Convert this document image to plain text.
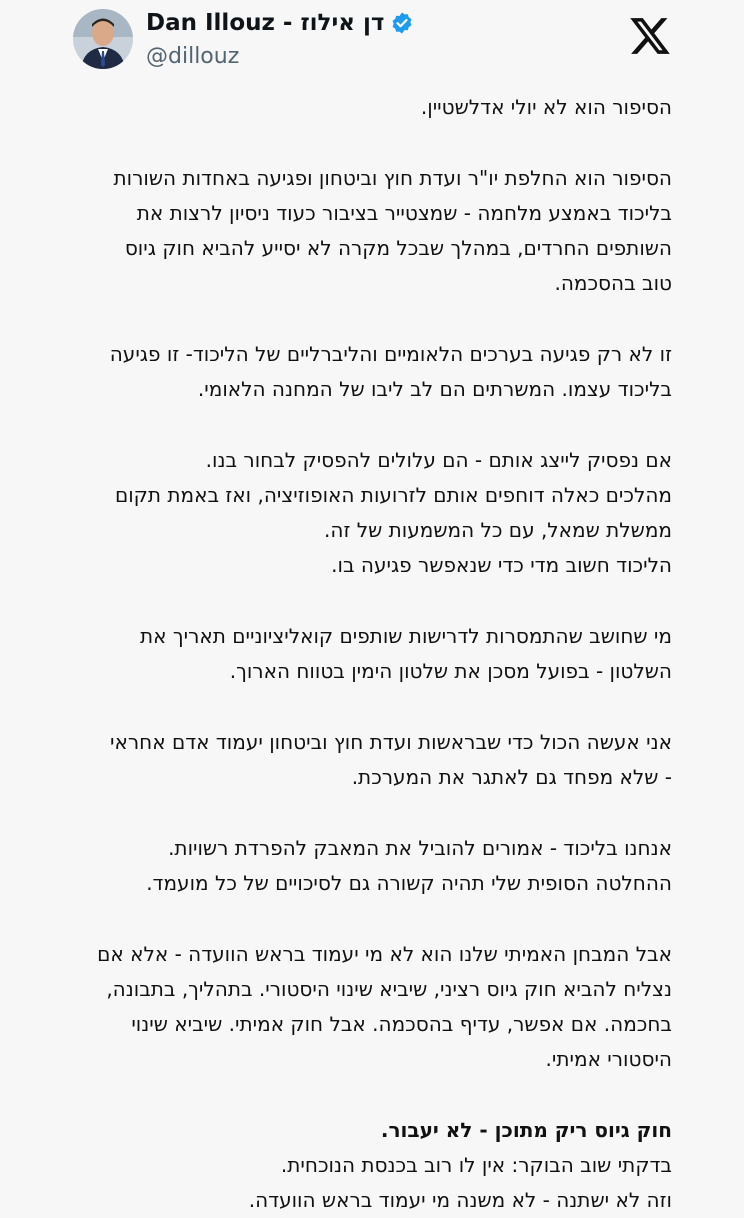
Dan Illouz - דן אילוז
@dillouz
הסיפור הוא לא יולי אדלשטיין.
הסיפור הוא החלפת יו"ר ועדת חוץ וביטחון ופגיעה באחדות השורות
בליכוד באמצע מלחמה - שמצטייר בציבור כעוד ניסיון לרצות את
השותפים החרדים, במהלך שבכל מקרה לא יסייע להביא חוק גיוס
טוב בהסכמה.
זו לא רק פגיעה בערכים הלאומיים והליברליים של הליכוד- זו פגיעה
בליכוד עצמו. המשרתים הם לב ליבו של המחנה הלאומי.
אם נפסיק לייצג אותם - הם עלולים להפסיק לבחור בנו.
מהלכים כאלה דוחפים אותם לזרועות האופוזיציה, ואז באמת תקום
ממשלת שמאל, עם כל המשמעות של זה.
הליכוד חשוב מדי כדי שנאפשר פגיעה בו.
מי שחושב שהתמסרות לדרישות שותפים קואליציוניים תאריך את
השלטון - בפועל מסכן את שלטון הימין בטווח הארוך.
אני אעשה הכול כדי שבראשות ועדת חוץ וביטחון יעמוד אדם אחראי
- שלא מפחד גם לאתגר את המערכת.
אנחנו בליכוד - אמורים להוביל את המאבק להפרדת רשויות.
ההחלטה הסופית שלי תהיה קשורה גם לסיכויים של כל מועמד.
אבל המבחן האמיתי שלנו הוא לא מי יעמוד בראש הוועדה - אלא אם
נצליח להביא חוק גיוס רציני, שיביא שינוי היסטורי. בתהליך, בתבונה,
בחכמה. אם אפשר, עדיף בהסכמה. אבל חוק אמיתי. שיביא שינוי
היסטורי אמיתי.
חוק גיוס ריק מתוכן - לא יעבור.
בדקתי שוב הבוקר: אין לו רוב בכנסת הנוכחית.
וזה לא ישתנה - לא משנה מי יעמוד בראש הוועדה.
